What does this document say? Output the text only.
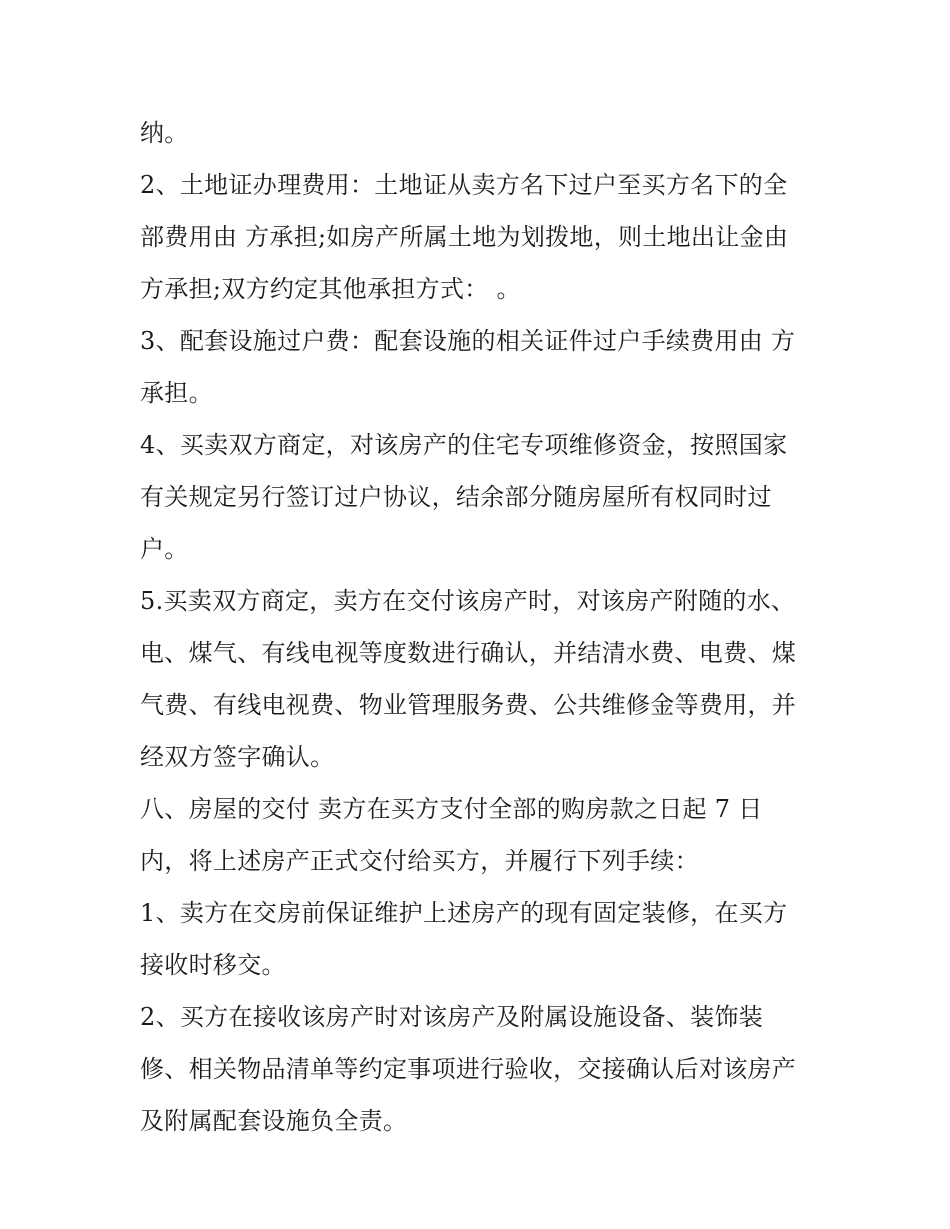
纳。
2、土地证办理费用：土地证从卖方名下过户至买方名下的全
部费用由 方承担;如房产所属土地为划拨地，则土地出让金由
方承担;双方约定其他承担方式： 。
3、配套设施过户费：配套设施的相关证件过户手续费用由 方
承担。
4、买卖双方商定，对该房产的住宅专项维修资金，按照国家
有关规定另行签订过户协议，结余部分随房屋所有权同时过
户。
5.买卖双方商定，卖方在交付该房产时，对该房产附随的水、
电、煤气、有线电视等度数进行确认，并结清水费、电费、煤
气费、有线电视费、物业管理服务费、公共维修金等费用，并
经双方签字确认。
八、房屋的交付 卖方在买方支付全部的购房款之日起 7 日
内，将上述房产正式交付给买方，并履行下列手续：
1、卖方在交房前保证维护上述房产的现有固定装修，在买方
接收时移交。
2、买方在接收该房产时对该房产及附属设施设备、装饰装
修、相关物品清单等约定事项进行验收，交接确认后对该房产
及附属配套设施负全责。
